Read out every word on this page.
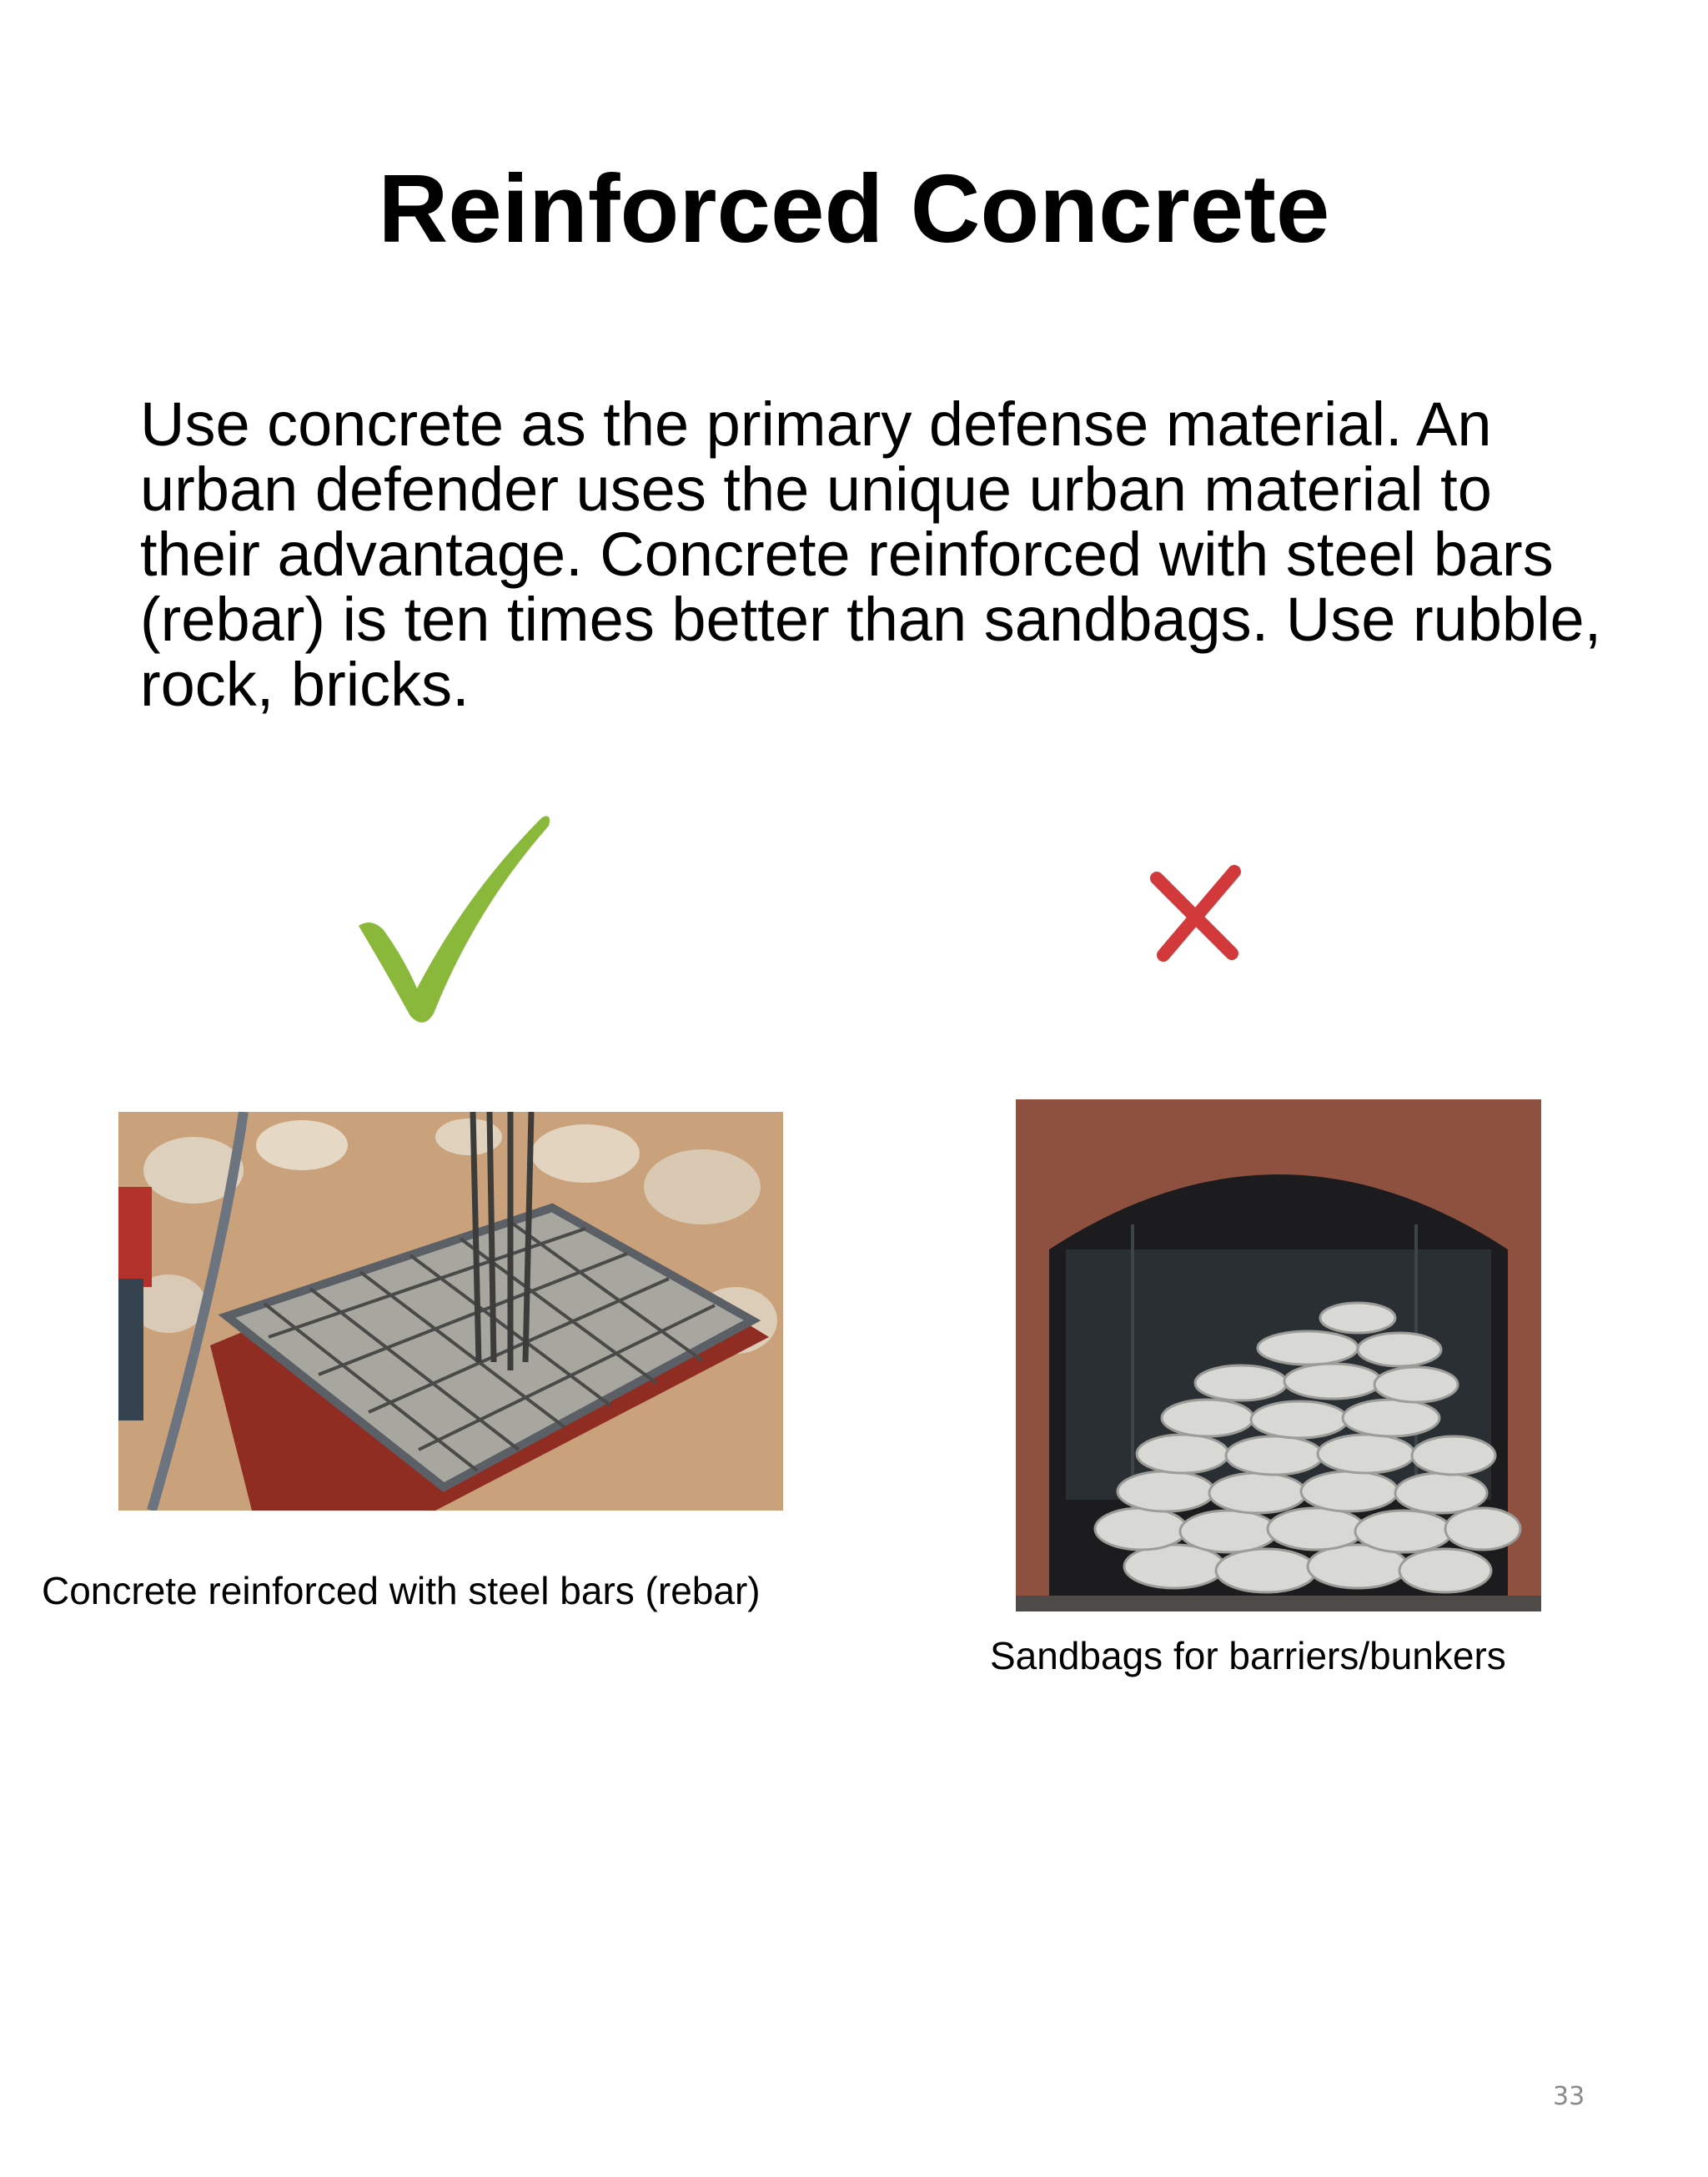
Reinforced Concrete

Use concrete as the primary defense material. An urban defender uses the unique urban material to their advantage. Concrete reinforced with steel bars (rebar) is ten times better than sandbags. Use rubble, rock, bricks.

Concrete reinforced with steel bars (rebar)

Sandbags for barriers/bunkers

33
